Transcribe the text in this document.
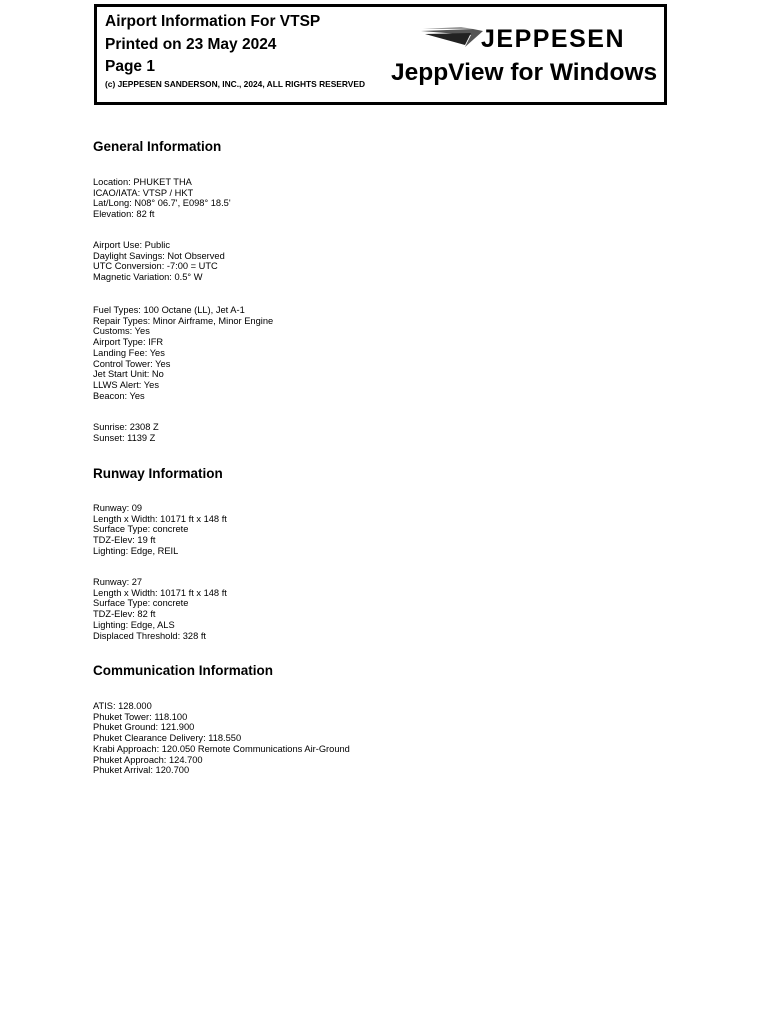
Airport Information For VTSP
Printed on 23 May 2024
Page 1
(c) JEPPESEN SANDERSON, INC., 2024, ALL RIGHTS RESERVED
JEPPESEN
JeppView for Windows
General Information
Location: PHUKET THA
ICAO/IATA: VTSP / HKT
Lat/Long: N08° 06.7', E098° 18.5'
Elevation: 82 ft
Airport Use: Public
Daylight Savings: Not Observed
UTC Conversion: -7:00 = UTC
Magnetic Variation: 0.5° W
Fuel Types: 100 Octane (LL), Jet A-1
Repair Types: Minor Airframe, Minor Engine
Customs: Yes
Airport Type: IFR
Landing Fee: Yes
Control Tower: Yes
Jet Start Unit: No
LLWS Alert: Yes
Beacon: Yes
Sunrise: 2308 Z
Sunset: 1139 Z
Runway Information
Runway: 09
Length x Width: 10171 ft x 148 ft
Surface Type: concrete
TDZ-Elev: 19 ft
Lighting: Edge, REIL
Runway: 27
Length x Width: 10171 ft x 148 ft
Surface Type: concrete
TDZ-Elev: 82 ft
Lighting: Edge, ALS
Displaced Threshold: 328 ft
Communication Information
ATIS: 128.000
Phuket Tower: 118.100
Phuket Ground: 121.900
Phuket Clearance Delivery: 118.550
Krabi Approach: 120.050 Remote Communications Air-Ground
Phuket Approach: 124.700
Phuket Arrival: 120.700
